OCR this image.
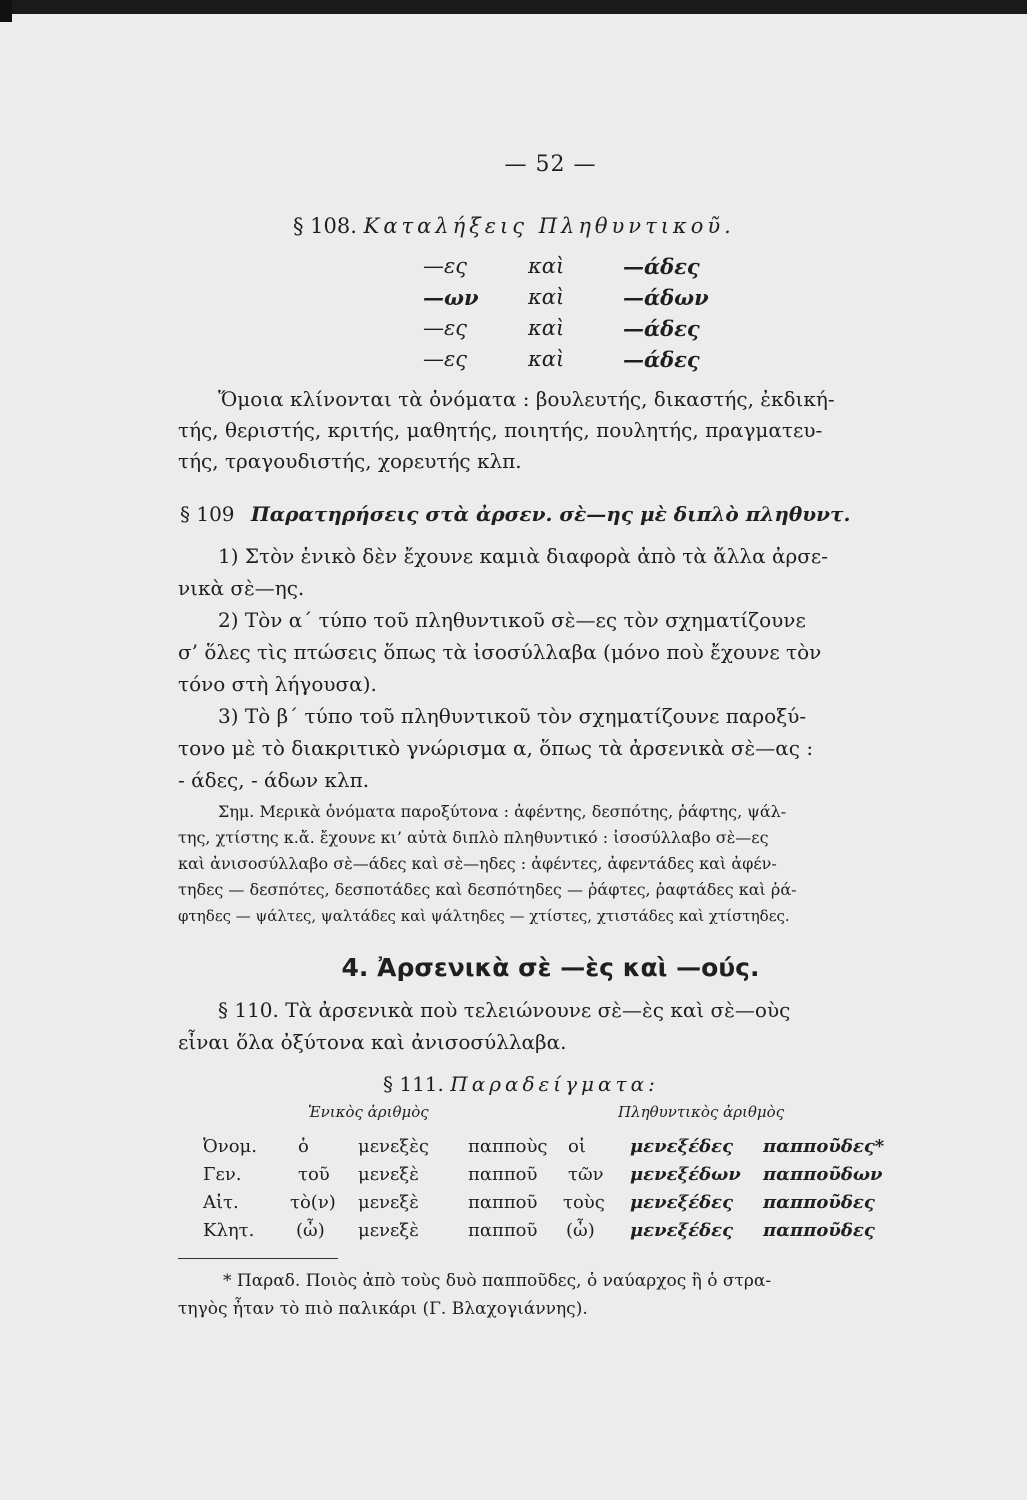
— 52 —
§ 108. Καταλήξεις Πληθυντικοῦ.
—ες	καὶ	—άδες
—ων καὶ	—άδων
—ες	καὶ	—άδες
—ες	καὶ	—άδες
Ὅμοια κλίνονται τὰ ὀνόματα : βουλευτής, δικαστής, ἐκδική-
τής, θεριστής, κριτής, μαθητής, ποιητής, πουλητής, πραγματευ-
τής, τραγουδιστής, χορευτής κλπ.
§ 109 Παρατηρήσεις στὰ ἀρσεν. σὲ—ης μὲ διπλὸ πληθυντ.
1) Στὸν ἑνικὸ δὲν ἔχουνε καμιὰ διαφορὰ ἀπὸ τὰ ἄλλα ἀρσε-
νικὰ σὲ—ης.
2) Τὸν α΄ τύπο τοῦ πληθυντικοῦ σὲ—ες τὸν σχηματίζουνε
σ’ ὅλες τὶς πτώσεις ὅπως τὰ ἰσοσύλλαβα (μόνο ποὺ ἔχουνε τὸν
τόνο στὴ λήγουσα).
3) Τὸ β΄ τύπο τοῦ πληθυντικοῦ τὸν σχηματίζουνε παροξύ-
τονο μὲ τὸ διακριτικὸ γνώρισμα α, ὅπως τὰ ἀρσενικὰ σὲ—ας :
- άδες, - άδων κλπ.
Σημ. Μερικὰ ὀνόματα παροξύτονα : ἀφέντης, δεσπότης, ῥάφτης, ψάλ-
της, χτίστης κ.ἄ. ἔχουνε κι’ αὐτὰ διπλὸ πληθυντικό : ἰσοσύλλαβο σὲ—ες
καὶ ἀνισοσύλλαβο σὲ—άδες καὶ σὲ—ηδες : ἀφέντες, ἀφεντάδες καὶ ἀφέν-
τηδες — δεσπότες, δεσποτάδες καὶ δεσπότηδες — ῥάφτες, ῥαφτάδες καὶ ῥά-
φτηδες — ψάλτες, ψαλτάδες καὶ ψάλτηδες — χτίστες, χτιστάδες καὶ χτίστηδες.
4. Ἀρσενικὰ σὲ —ὲς καὶ —ούς.
§ 110. Τὰ ἀρσενικὰ ποὺ τελειώνουνε σὲ—ὲς καὶ σὲ—οὺς
εἶναι ὅλα ὀξύτονα καὶ ἀνισοσύλλαβα.
§ 111. Παραδείγματα:
Ἑνικὸς ἀριθμὸς	Πληθυντικὸς ἀριθμὸς
Ὀνομ. ὁ	μενεξὲς παπποὺς οἱ μενεξέδες παπποῦδες*
Γεν.	τοῦ μενεξὲ	παπποῦ τῶν μενεξέδων παπποῦδων
Αἰτ.	τὸ(ν) μενεξὲ	παπποῦ τοὺς μενεξέδες παπποῦδες
Κλητ. (ὦ) μενεξὲ	παπποῦ (ὦ) μενεξέδες παπποῦδες
* Παραδ. Ποιὸς ἀπὸ τοὺς δυὸ παπποῦδες, ὁ ναύαρχος ἢ ὁ στρα-
τηγὸς ἦταν τὸ πιὸ παλικάρι (Γ. Βλαχογιάννης).
